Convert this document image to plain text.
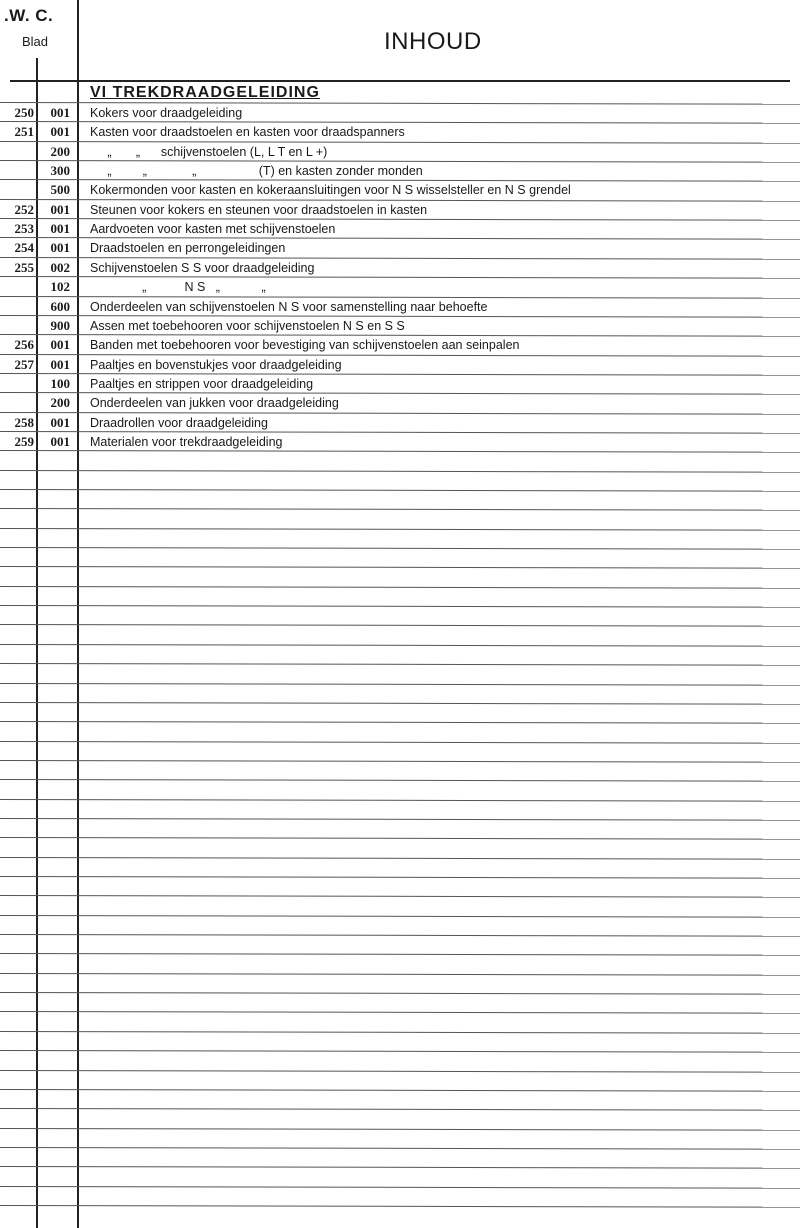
.W. C.
Blad	INHOUD
VI TREKDRAADGELEIDING
250	001 Kokers voor draadgeleiding
251	001 Kasten voor draadstoelen en kasten voor draadspanners
200 „       „      schijvenstoelen (L, L T en L +)
300 „         „             „                  (T) en kasten zonder monden
500 Kokermonden voor kasten en kokeraansluitingen voor N S wisselsteller en N S grendel
252	001 Steunen voor kokers en steunen voor draadstoelen in kasten
253	001 Aardvoeten voor kasten met schijvenstoelen
254	001 Draadstoelen en perrongeleidingen
255	002 Schijvenstoelen S S voor draadgeleiding
102 „           N S   „            „
600 Onderdeelen van schijvenstoelen N S voor samenstelling naar behoefte
900 Assen met toebehooren voor schijvenstoelen N S en S S
256	001 Banden met toebehooren voor bevestiging van schijvenstoelen aan seinpalen
257	001 Paaltjes en bovenstukjes voor draadgeleiding
100 Paaltjes en strippen voor draadgeleiding
200 Onderdeelen van jukken voor draadgeleiding
258	001 Draadrollen voor draadgeleiding
259	001 Materialen voor trekdraadgeleiding
